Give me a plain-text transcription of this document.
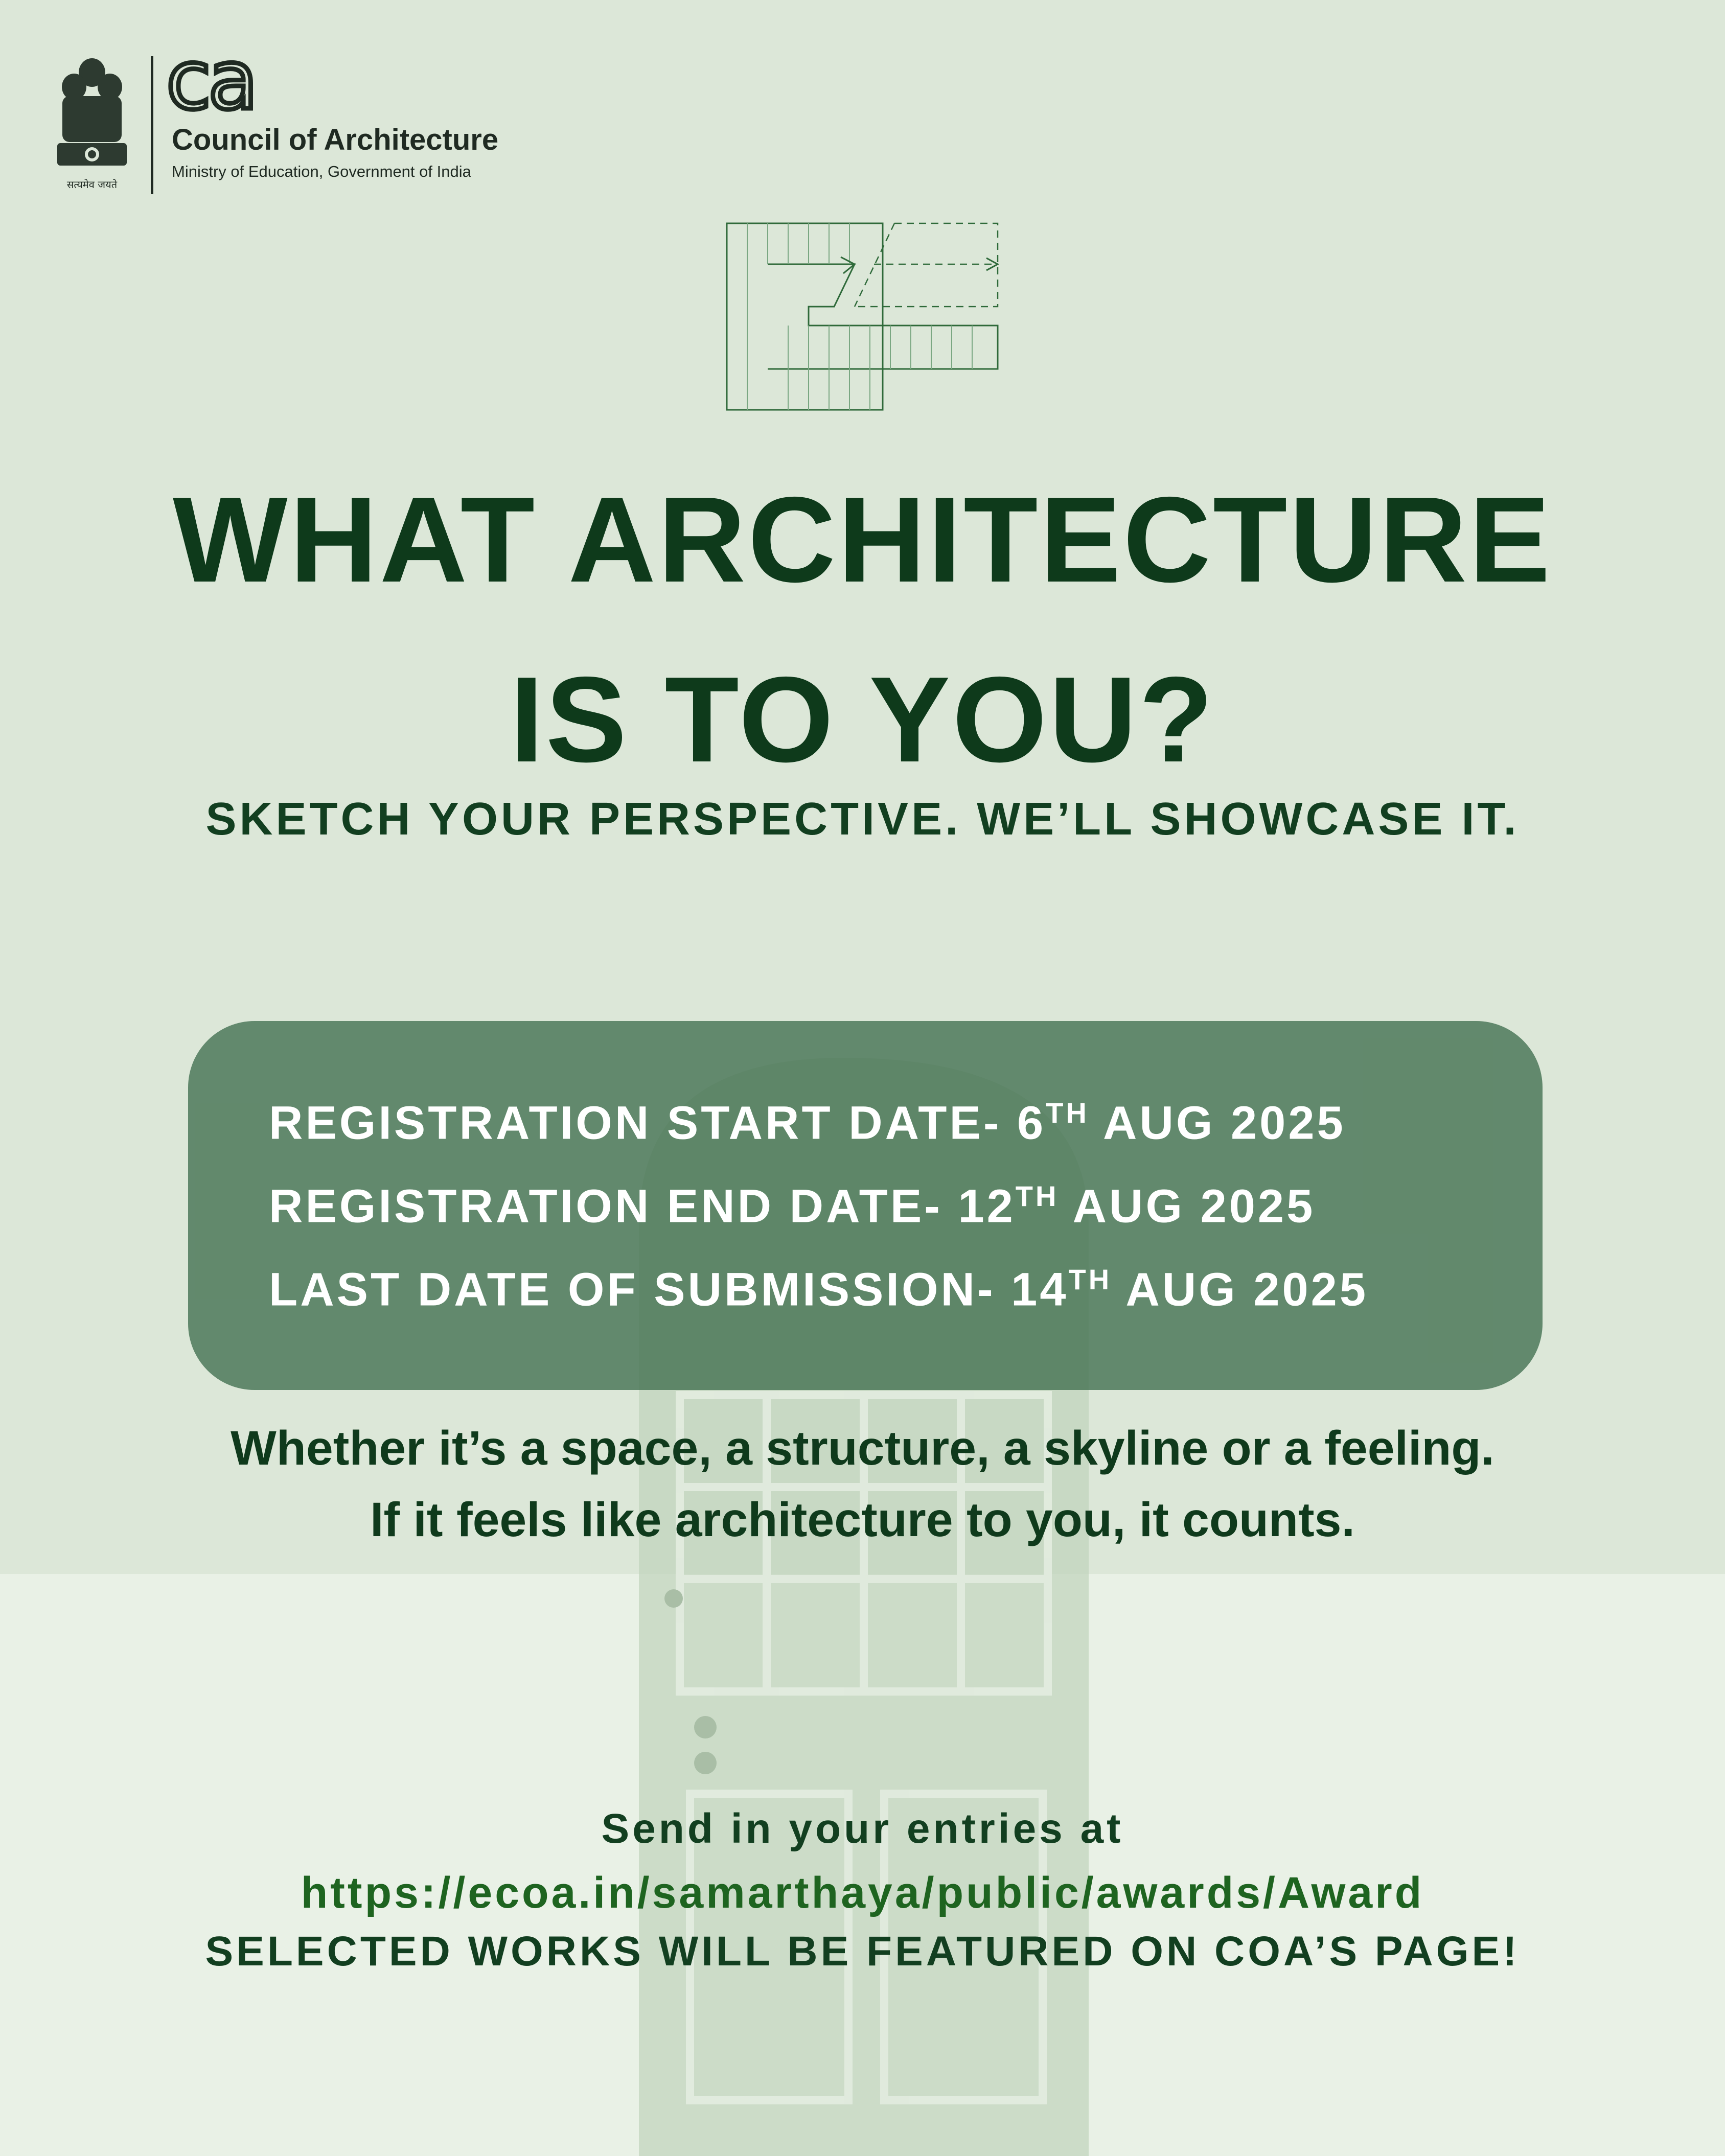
सत्यमेव जयते
ca
Council of Architecture
Ministry of Education, Government of India
WHAT ARCHITECTURE
IS TO YOU?
SKETCH YOUR PERSPECTIVE. WE’LL SHOWCASE IT.
REGISTRATION START DATE- 6TH AUG 2025
REGISTRATION END DATE- 12TH AUG 2025
LAST DATE OF SUBMISSION- 14TH AUG 2025
Whether it’s a space, a structure, a skyline or a feeling.
If it feels like architecture to you, it counts.
Send in your entries at
https://ecoa.in/samarthaya/public/awards/Award
SELECTED WORKS WILL BE FEATURED ON COA’S PAGE!
